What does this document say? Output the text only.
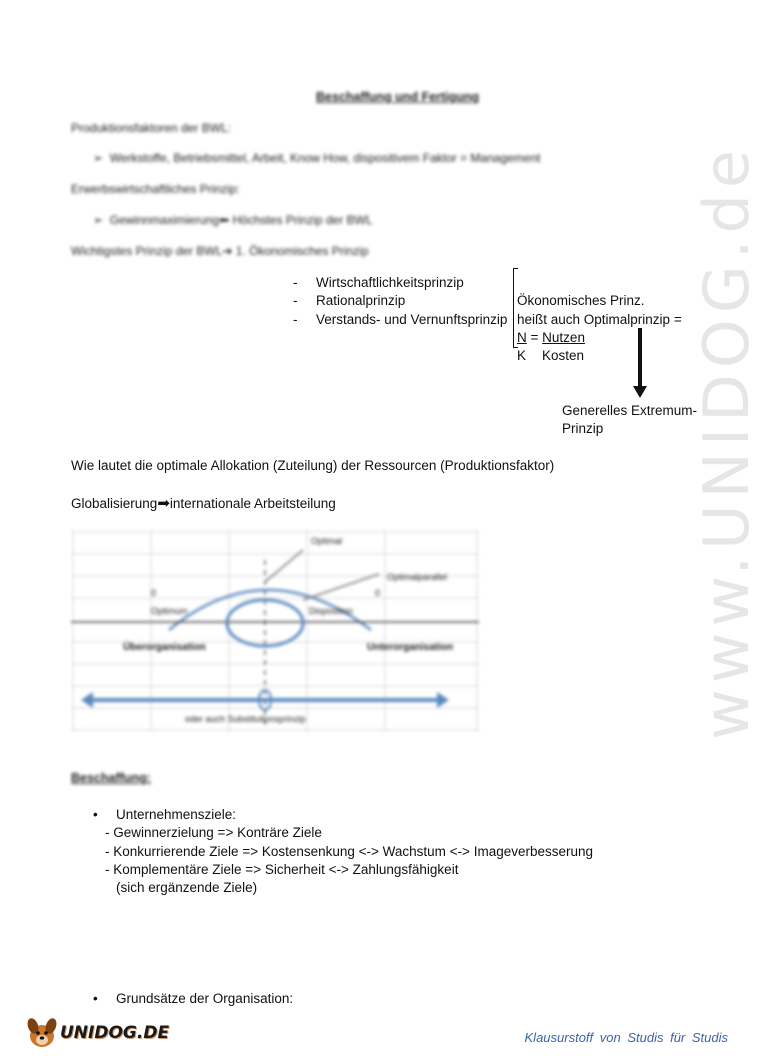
www.UNIDOG.de
Beschaffung und Fertigung
Produktionsfaktoren der BWL:
➢ Werkstoffe, Betriebsmittel, Arbeit, Know How, dispositivem Faktor = Management
Erwerbswirtschaftliches Prinzip:
➢ Gewinnmaximierung⬅ Höchstes Prinzip der BWL
Wichtigstes Prinzip der BWL➔ 1. Ökonomisches Prinzip
- Wirtschaftlichkeitsprinzip
- Rationalprinzip
- Verstands- und Vernunftsprinzip
Ökonomisches Prinz.
heißt auch Optimalprinzip =
N = Nutzen
K Kosten
Generelles Extremum-
Prinzip
Wie lautet die optimale Allokation (Zuteilung) der Ressourcen (Produktionsfaktor)
Globalisierung➡internationale Arbeitsteilung
Optimal
Optimalparallel
0	0
Optimum	Disposition
Überorganisation	Unterorganisation
oder auch Substitutionsprinzip
Beschaffung:
• Unternehmensziele:
- Gewinnerzielung => Konträre Ziele
- Konkurrierende Ziele => Kostensenkung <-> Wachstum <-> Imageverbesserung
- Komplementäre Ziele => Sicherheit <-> Zahlungsfähigkeit
(sich ergänzende Ziele)
• Grundsätze der Organisation:
UNIDOG.DE	Klausurstoff von Studis für Studis
